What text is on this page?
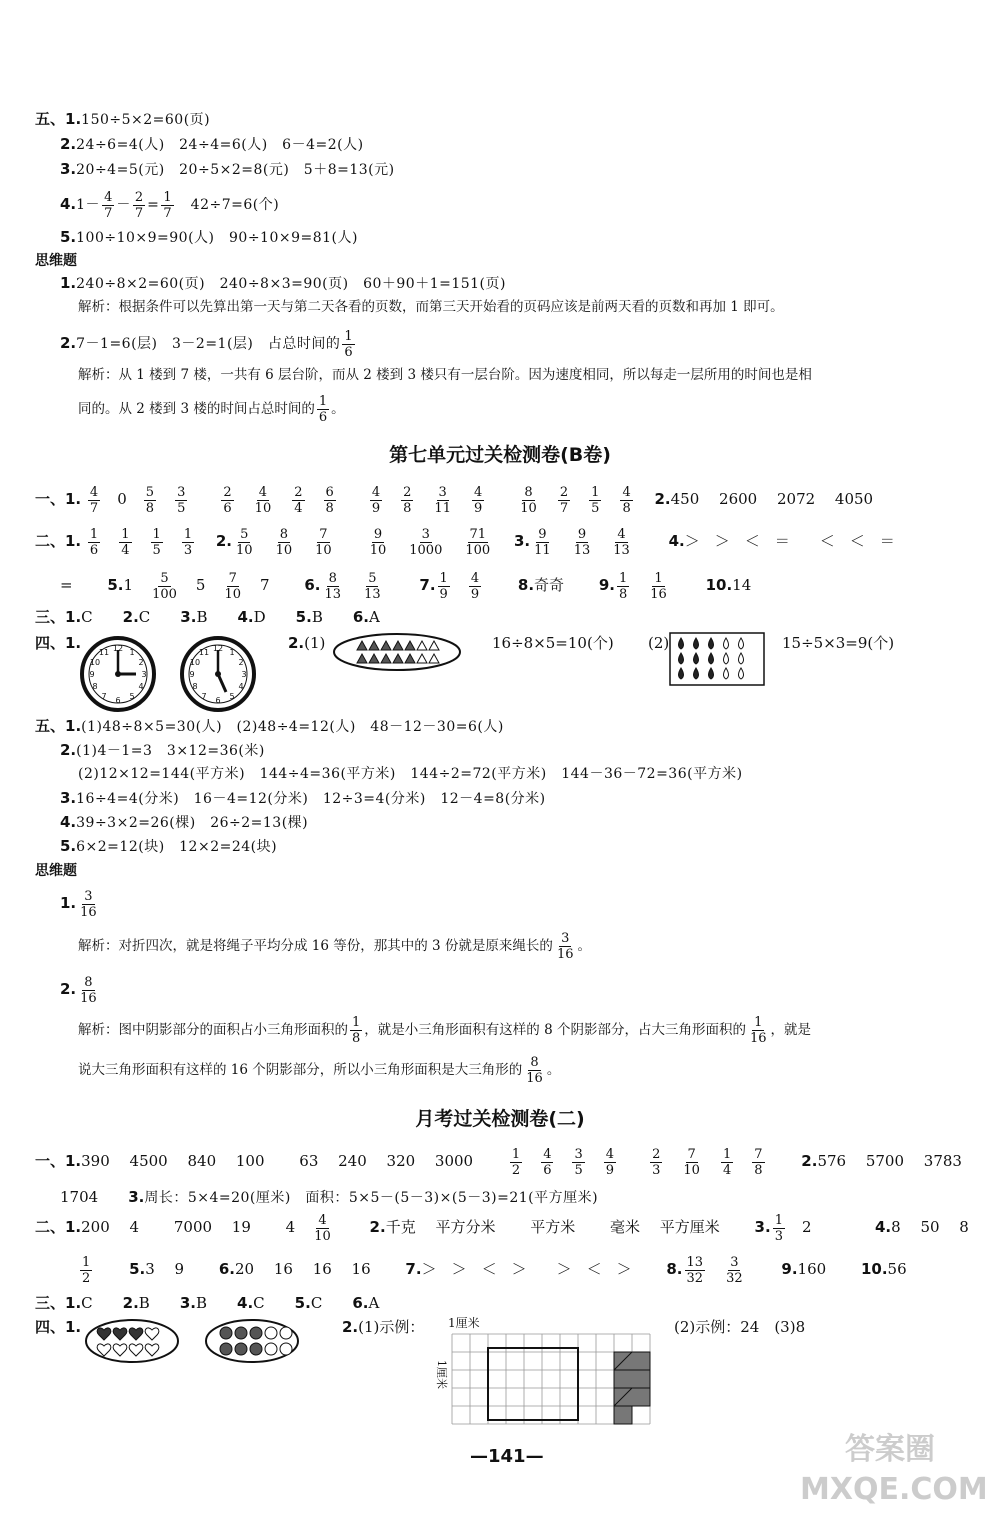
五、1.150÷5×2=60(页)
2.24÷6=4(人)　24÷4=6(人)　6－4=2(人)
3.20÷4=5(元)　20÷5×2=8(元)　5＋8=13(元)
$4.1- \frac{4}{7} - \frac{2}{7} = \frac{1}{7}$
　 42÷7=6(个)
5.100÷10×9=90(人)　90÷10×9=81(人)
思维题
1.240÷8×2=60(页)　240÷8×3=90(页)　60＋90＋1=151(页)
解析：根据条件可以先算出第一天与第二天各看的页数，而第三天开始看的页码应该是前两天看的页数和再加 1 即可。
2.7－1=6(层)　3－2=1(层)　占总时间的 $\frac{1}{6}$
解析：从 1 楼到 7 楼，一共有 6 层台阶，而从 2 楼到 3 楼只有一层台阶。因为速度相同，所以每走一层所用的时间也是相
同的。从 2 楼到 3 楼的时间占总时间的 $\frac{1}{6}$ 。
第七单元过关检测卷(B卷)
一、1. $\frac{4}{7}$
　 0　 $\frac{5}{8}$
　 $\frac{3}{5}$
　　	$\frac{2}{6}$
　 $\frac{4}{10}$
　 $\frac{2}{4}$
　 $\frac{6}{8}$
　　	$\frac{4}{9}$
　 $\frac{2}{8}$
　 $\frac{3}{11}$
　 $\frac{4}{9}$
　　	$\frac{8}{10}$
　 $\frac{2}{7}$
　 $\frac{1}{5}$
　 $\frac{4}{8}$
　 2.450　 2600　 2072　 4050
二、1. $\frac{1}{6}$
　 $\frac{1}{4}$
　 $\frac{1}{5}$
　 $\frac{1}{3}$
　 2. $\frac{5}{10}$
　 $\frac{8}{10}$
　 $\frac{7}{10}$
　　	$\frac{9}{10}$
　 $\frac{3}{1000}$
　 $\frac{71}{100}$
　 3. $\frac{9}{11}$
　 $\frac{9}{13}$
　 $\frac{4}{13}$
　　 4.＞　＞　＜　＝　　＜　＜　＝
=　　 5.1　 $\frac{5}{100}$
　 5　 $\frac{7}{10}$
　 7 　　 6. $\frac{8}{13}$
　 $\frac{5}{13}$
　　 7. $\frac{1}{9}$
　 $\frac{4}{9}$
　　 8.奇奇 　　 9. $\frac{1}{8}$
　 $\frac{1}{16}$
　　 10.14
三、1.C　　 2.C　　 3.B　　 4.D　　 5.B　　 6.A
四、1.	12 1
2
3
4
5
6
7
8
9
10
11	12 1
2
3
4
5
6
7
8
9
10
11
2.(1)	16÷8×5=10(个) (2)	15÷5×3=9(个)
五、1.(1)48÷8×5=30(人)　(2)48÷4=12(人)　48－12－30=6(人)
2.(1)4－1=3　3×12=36(米)
(2)12×12=144(平方米)　144÷4=36(平方米)　144÷2=72(平方米)　144－36－72=36(平方米)
3.16÷4=4(分米)　16－4=12(分米)　12÷3=4(分米)　12－4=8(分米)
4.39÷3×2=26(棵)　26÷2=13(棵)
5.6×2=12(块)　12×2=24(块)
思维题
1. $\frac{3}{16}$
解析：对折四次，就是将绳子平均分成 16 等份，那其中的 3 份就是原来绳长的 $\frac{3}{16}$ 。
2. $\frac{8}{16}$
解析：图中阴影部分的面积占小三角形面积的 $\frac{1}{8}$ ，就是小三角形面积有这样的 8 个阴影部分，占大三角形面积的 $\frac{1}{16}$ ，就是
说大三角形面积有这样的 16 个阴影部分，所以小三角形面积是大三角形的 $\frac{8}{16}$ 。
月考过关检测卷(二)
一、1.390　 4500　 840　 100　　 63　 240　 320　 3000　　	$\frac{1}{2}$
　 $\frac{4}{6}$
　 $\frac{3}{5}$
　 $\frac{4}{9}$
　　	$\frac{2}{3}$
　 $\frac{7}{10}$
　 $\frac{1}{4}$
　 $\frac{7}{8}$
　　 2.576　 5700　 3783
1704　　 3.周长：5×4=20(厘米)　面积：5×5－(5－3)×(5－3)=21(平方厘米)
二、1.200　 4　　 7000　 19　　 4　 $\frac{4}{10}$
　　 2.千克　 平方分米　　 平方米　　 毫米　 平方厘米 　　 3. $\frac{1}{3}$
　 2 　　	4.8　 50　 8
$\frac{1}{2}$
　　 5.3　 9 　　 6.20　 16　 16　 16 　　 7.＞　＞　＜　＞　　＞　＜　＞ 　　 8. $\frac{13}{32}$
　 $\frac{3}{32}$
　　 9.160 　　 10.56
三、1.C　　 2.B　　 3.B　　 4.C　　 5.C　　 6.A
四、1.	2.(1)示例： 1厘米
1厘米
(2)示例：24　(3)8
—141—	答案圈 MXQE.COM
